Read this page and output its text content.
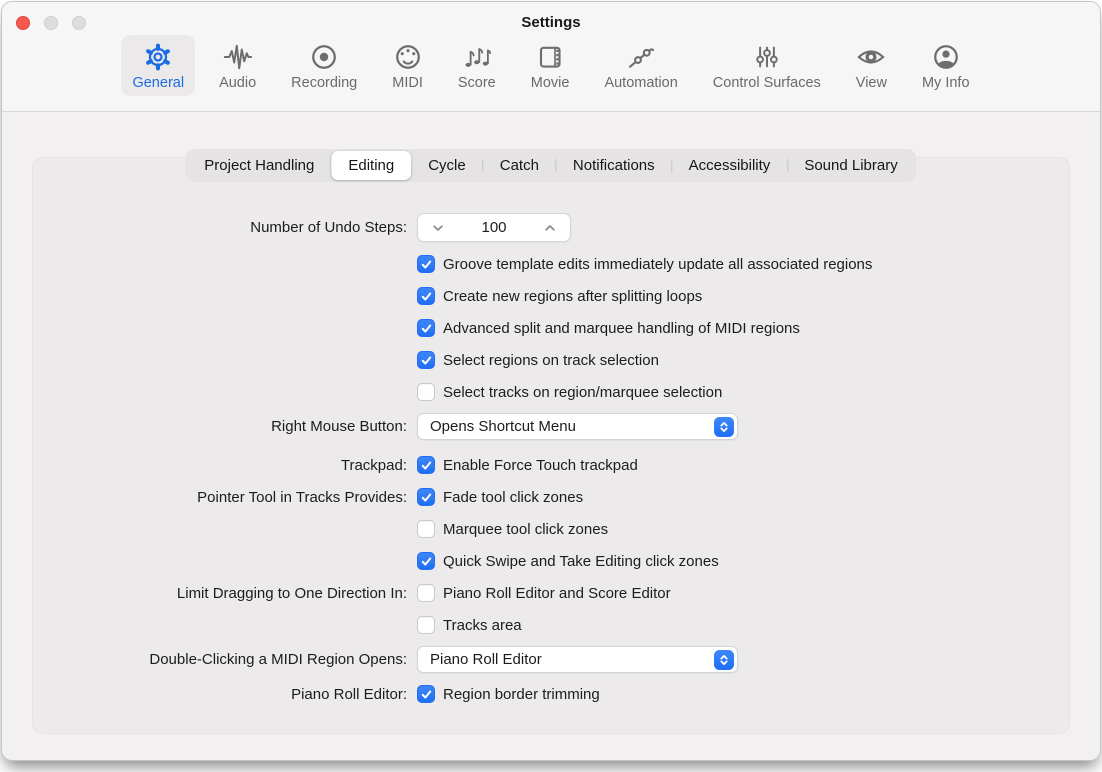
Settings
General Audio Recording MIDI Score Movie Automation Control Surfaces View My Info
Project Handling	Editing	Cycle	Catch	Notifications	Accessibility	Sound Library
Number of Undo Steps:	100
Groove template edits immediately update all associated regions
Create new regions after splitting loops
Advanced split and marquee handling of MIDI regions
Select regions on track selection
Select tracks on region/marquee selection
Right Mouse Button:	Opens Shortcut Menu
Trackpad:	Enable Force Touch trackpad
Pointer Tool in Tracks Provides:	Fade tool click zones
Marquee tool click zones
Quick Swipe and Take Editing click zones
Limit Dragging to One Direction In:	Piano Roll Editor and Score Editor
Tracks area
Double-Clicking a MIDI Region Opens:	Piano Roll Editor
Piano Roll Editor:	Region border trimming
